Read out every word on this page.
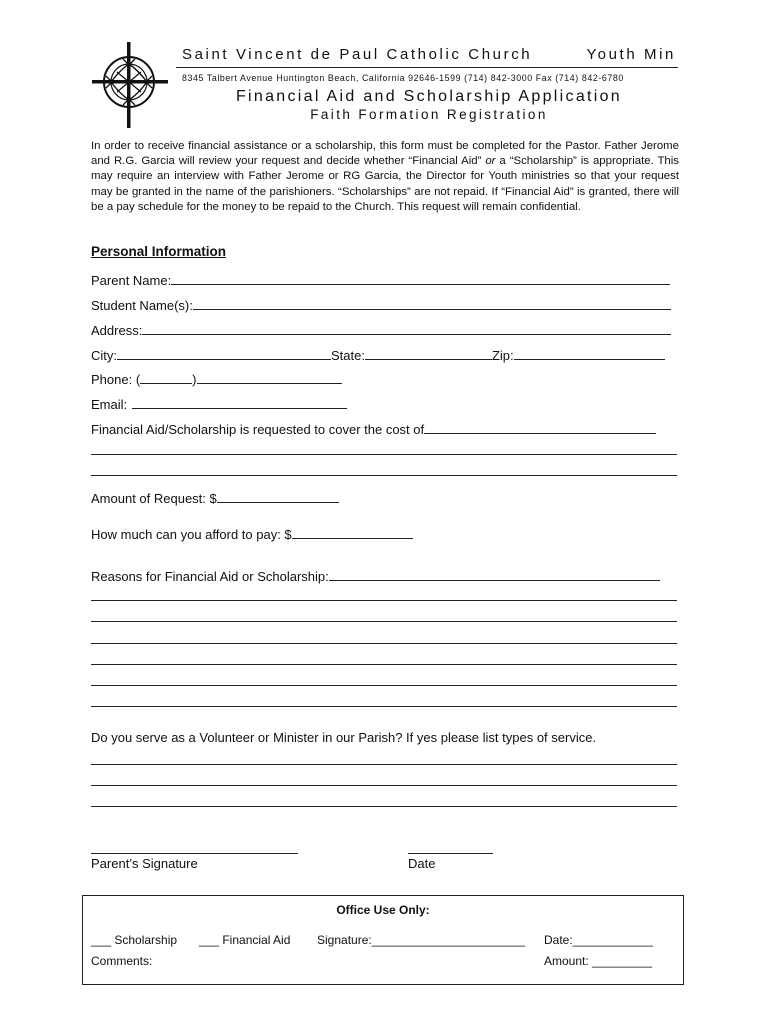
Saint Vincent de Paul Catholic Church	Youth Min
8345 Talbert Avenue Huntington Beach, California 92646-1599 (714) 842-3000 Fax (714) 842-6780
Financial Aid and Scholarship Application
Faith Formation Registration
In order to receive financial assistance or a scholarship, this form must be completed for the Pastor. Father Jerome and R.G. Garcia will review your request and decide whether “Financial Aid” or a “Scholarship” is appropriate. This may require an interview with Father Jerome or RG Garcia, the Director for Youth ministries so that your request may be granted in the name of the parishioners. “Scholarships” are not repaid. If “Financial Aid” is granted, there will be a pay schedule for the money to be repaid to the Church. This request will remain confidential.
Personal Information
Parent Name:
Student Name(s):
Address:
City:	State:	Zip:
Phone: (	)
Email:
Financial Aid/Scholarship is requested to cover the cost of
Amount of Request: $
How much can you afford to pay: $
Reasons for Financial Aid or Scholarship:
Do you serve as a Volunteer or Minister in our Parish? If yes please list types of service.
Parent’s Signature	Date
Office Use Only:
___ Scholarship ___ Financial Aid Signature:_______________________ Date:____________
Comments:	Amount: _________
